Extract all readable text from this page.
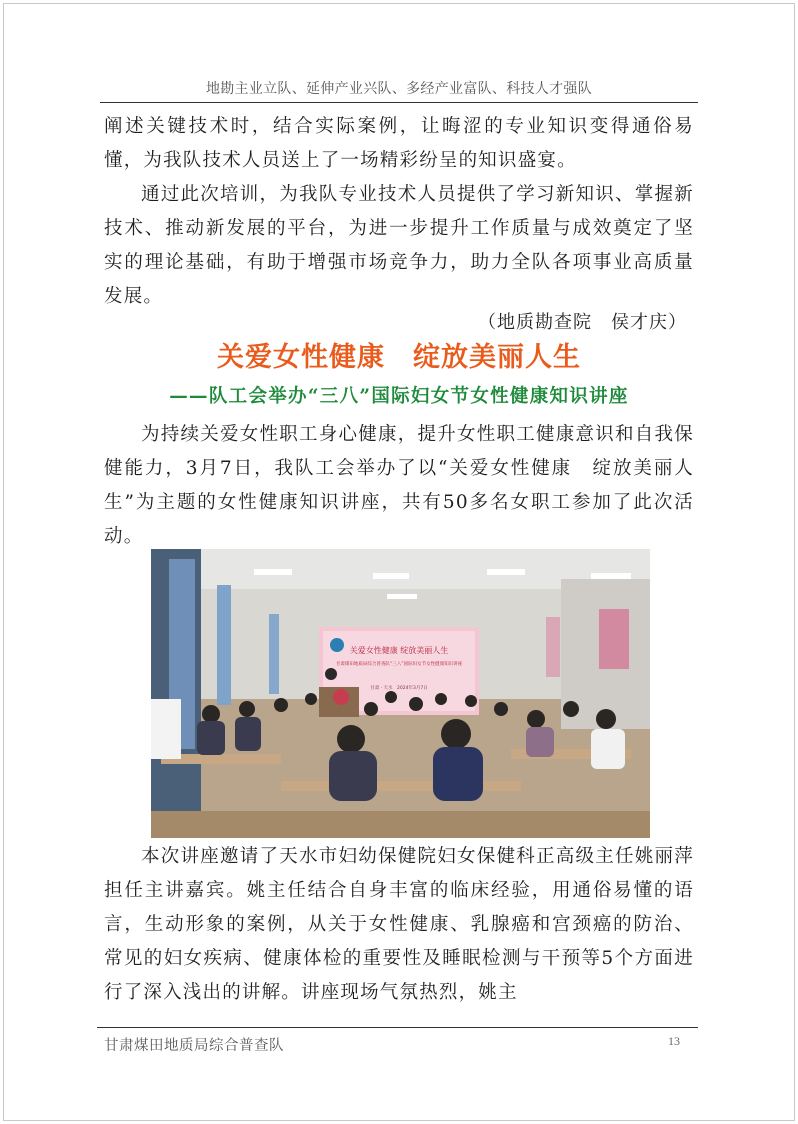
地勘主业立队、延伸产业兴队、多经产业富队、科技人才强队

阐述关键技术时，结合实际案例，让晦涩的专业知识变得通俗易懂，为我队技术人员送上了一场精彩纷呈的知识盛宴。

通过此次培训，为我队专业技术人员提供了学习新知识、掌握新技术、推动新发展的平台，为进一步提升工作质量与成效奠定了坚实的理论基础，有助于增强市场竞争力，助力全队各项事业高质量发展。

（地质勘查院　侯才庆）
关爱女性健康　绽放美丽人生
——队工会举办“三八”国际妇女节女性健康知识讲座

为持续关爱女性职工身心健康，提升女性职工健康意识和自我保健能力，3月7日，我队工会举办了以“关爱女性健康　绽放美丽人生”为主题的女性健康知识讲座，共有50多名女职工参加了此次活动。

关爱女性健康 绽放美丽人生
甘肃煤田地质局综合普查队“三八”国际妇女节女性健康知识讲座
甘肃 · 天水　2024年3月7日

本次讲座邀请了天水市妇幼保健院妇女保健科正高级主任姚丽萍担任主讲嘉宾。姚主任结合自身丰富的临床经验，用通俗易懂的语言，生动形象的案例，从关于女性健康、乳腺癌和宫颈癌的防治、常见的妇女疾病、健康体检的重要性及睡眠检测与干预等5个方面进行了深入浅出的讲解。讲座现场气氛热烈，姚主

甘肃煤田地质局综合普查队	13
